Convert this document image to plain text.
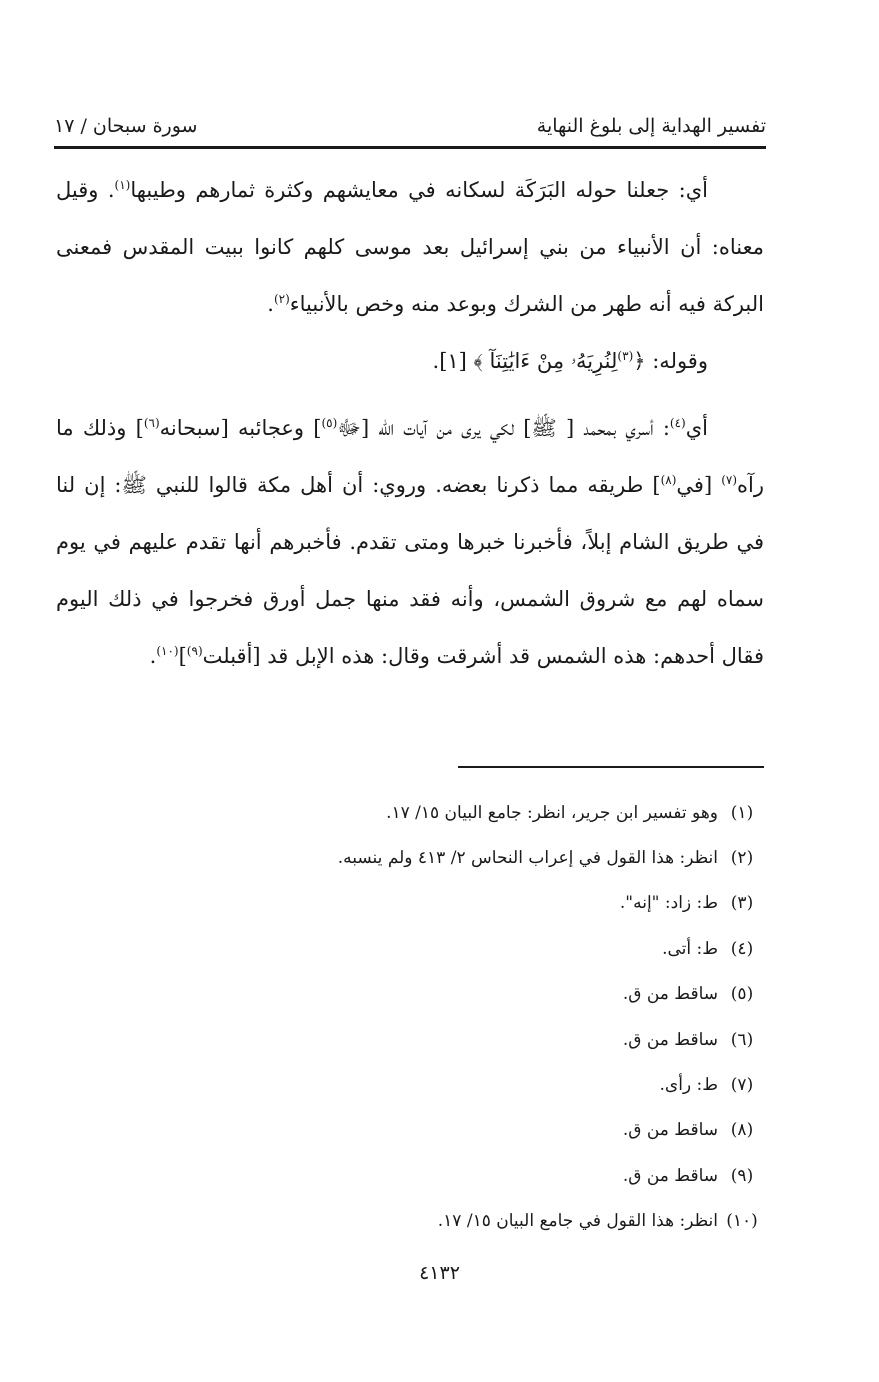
تفسير الهداية إلى بلوغ النهاية
سورة سبحان / ١٧

أي: جعلنا حوله البَرَكَة لسكانه في معايشهم وكثرة ثمارهم وطيبها$^{(١)}$. وقيل معناه: أن الأنبياء من بني إسرائيل بعد موسى كلهم كانوا ببيت المقدس فمعنى البركة فيه أنه طهر من الشرك وبوعد منه وخص بالأنبياء$^{(٢)}$.

وقوله: ﴿$^{(٣)}$لِنُرِيَهُۥ مِنْ ءَايَٰتِنَآ ﴾ [١].

أي$^{(٤)}$: أسري بمحمد [ ﷺ] لكي يرى من آيات الله [ﷻ$^{(٥)}$] وعجائبه [سبحانه$^{(٦)}$] وذلك ما رآه$^{(٧)}$ [في$^{(٨)}$] طريقه مما ذكرنا بعضه. وروي: أن أهل مكة قالوا للنبي ﷺ: إن لنا في طريق الشام إبلاً، فأخبرنا خبرها ومتى تقدم. فأخبرهم أنها تقدم عليهم في يوم سماه لهم مع شروق الشمس، وأنه فقد منها جمل أورق فخرجوا في ذلك اليوم فقال أحدهم: هذه الشمس قد أشرقت وقال: هذه الإبل قد [أقبلت$^{(٩)}$]$^{(١٠)}$.

(١)
وهو تفسير ابن جرير، انظر: جامع البيان ١٥/ ١٧.
(٢)
انظر: هذا القول في إعراب النحاس ٢/ ٤١٣ ولم ينسبه.
(٣)
ط: زاد: "إنه".
(٤)
ط: أتى.
(٥)
ساقط من ق.
(٦)
ساقط من ق.
(٧)
ط: رأى.
(٨)
ساقط من ق.
(٩)
ساقط من ق.
(١٠)
انظر: هذا القول في جامع البيان ١٥/ ١٧.
٤١٣٢
